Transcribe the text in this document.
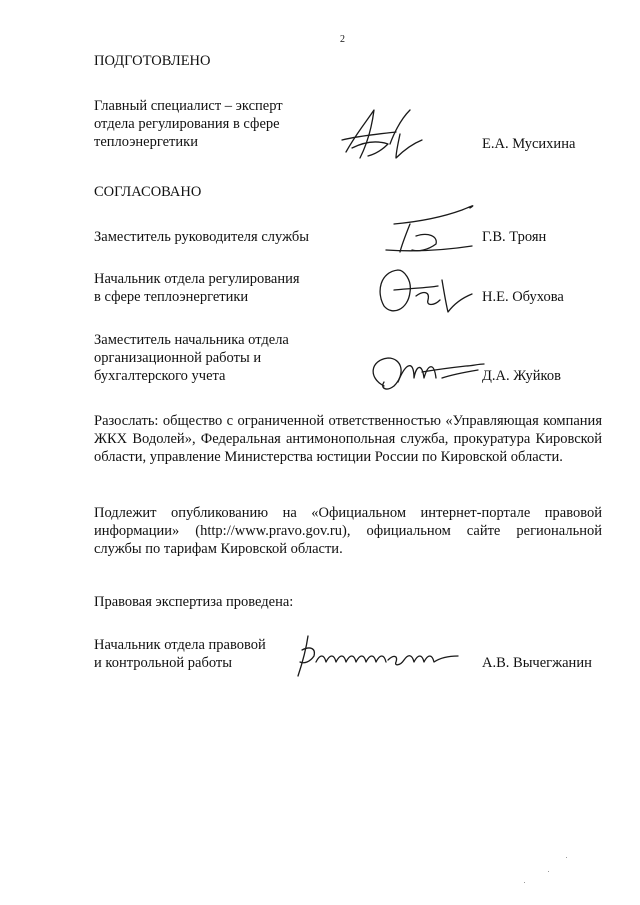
2
ПОДГОТОВЛЕНО
Главный специалист – эксперт
отдела регулирования в сфере
теплоэнергетики	Е.А. Мусихина
СОГЛАСОВАНО
Заместитель руководителя службы	Г.В. Троян
Начальник отдела регулирования
в сфере теплоэнергетики	Н.Е. Обухова
Заместитель начальника отдела
организационной работы и
бухгалтерского учета	Д.А. Жуйков
Разослать: общество с ограниченной ответственностью «Управляющая компания ЖКХ Водолей», Федеральная антимонопольная служба, прокуратура Кировской области, управление Министерства юстиции России по Кировской области.
Подлежит опубликованию на «Официальном интернет-портале правовой информации» (http://www.pravo.gov.ru), официальном сайте региональной службы по тарифам Кировской области.
Правовая экспертиза проведена:
Начальник отдела правовой
и контрольной работы	А.В. Вычегжанин
